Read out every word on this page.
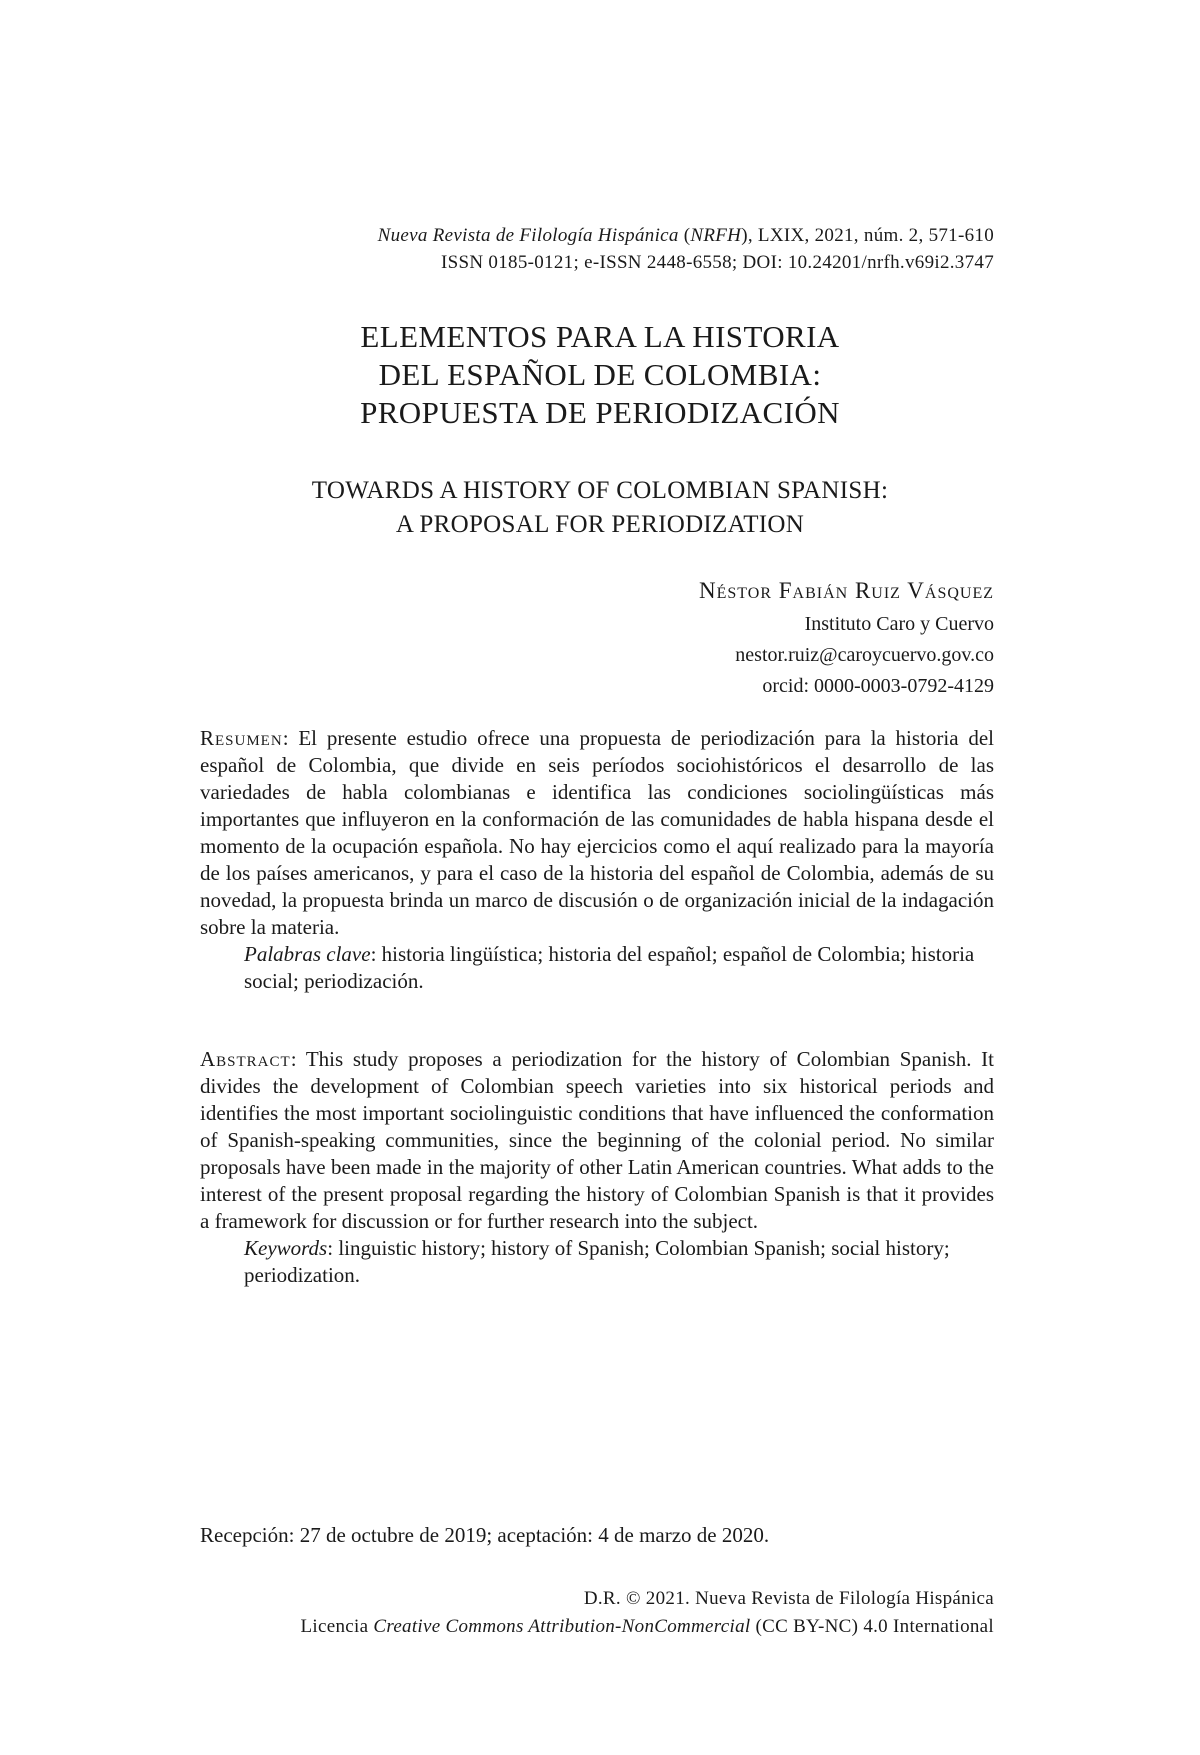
Nueva Revista de Filología Hispánica (NRFH), LXIX, 2021, núm. 2, 571-610
ISSN 0185-0121; e-ISSN 2448-6558; DOI: 10.24201/nrfh.v69i2.3747
ELEMENTOS PARA LA HISTORIA
DEL ESPAÑOL DE COLOMBIA:
PROPUESTA DE PERIODIZACIÓN
TOWARDS A HISTORY OF COLOMBIAN SPANISH:
A PROPOSAL FOR PERIODIZATION
Néstor Fabián Ruiz Vásquez
Instituto Caro y Cuervo
nestor.ruiz@caroycuervo.gov.co
orcid: 0000-0003-0792-4129

Resumen: El presente estudio ofrece una propuesta de periodización para la historia del español de Colombia, que divide en seis períodos sociohistóricos el desarrollo de las variedades de habla colombianas e identifica las condiciones sociolingüísticas más importantes que influyeron en la conformación de las comunidades de habla hispana desde el momento de la ocupación española. No hay ejercicios como el aquí realizado para la mayoría de los países americanos, y para el caso de la historia del español de Colombia, además de su novedad, la propuesta brinda un marco de discusión o de organización inicial de la indagación sobre la materia.

Palabras clave: historia lingüística; historia del español; español de Colombia; historia social; periodización.

Abstract: This study proposes a periodization for the history of Colombian Spanish. It divides the development of Colombian speech varieties into six historical periods and identifies the most important sociolinguistic conditions that have influenced the conformation of Spanish-speaking communities, since the beginning of the colonial period. No similar proposals have been made in the majority of other Latin American countries. What adds to the interest of the present proposal regarding the history of Colombian Spanish is that it provides a framework for discussion or for further research into the subject.

Keywords: linguistic history; history of Spanish; Colombian Spanish; social history; periodization.

Recepción: 27 de octubre de 2019; aceptación: 4 de marzo de 2020.
D.R. © 2021. Nueva Revista de Filología Hispánica
Licencia Creative Commons Attribution-NonCommercial (CC BY-NC) 4.0 International
